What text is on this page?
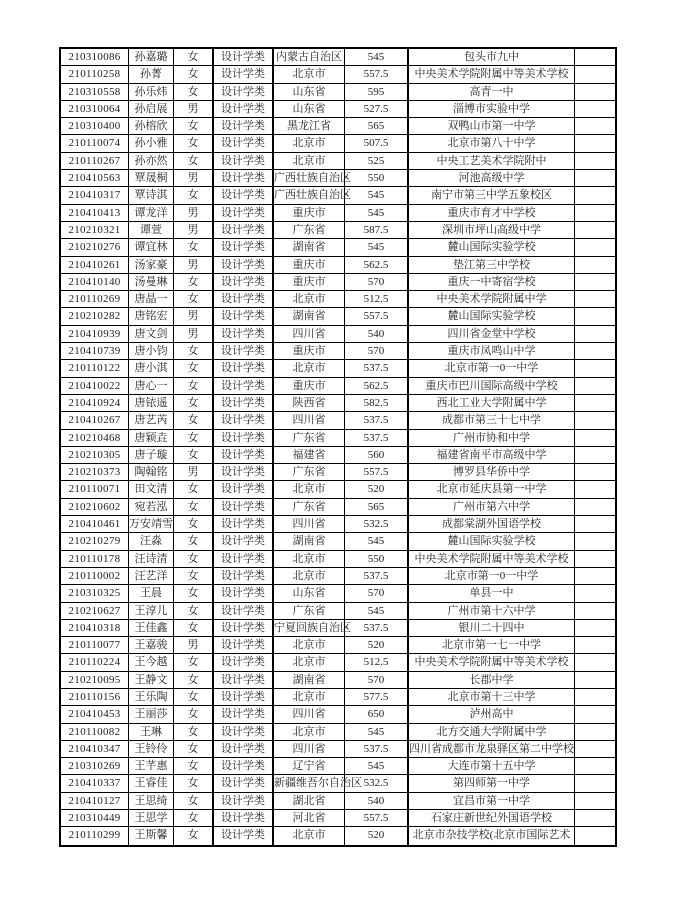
210310086	孙嘉璐	女	设计学类	内蒙古自治区	545	包头市九中
210110258	孙菁	女	设计学类	北京市	557.5	中央美术学院附属中等美术学校
210310558	孙乐炜	女	设计学类	山东省	595	高青一中
210310064	孙启展	男	设计学类	山东省	527.5	淄博市实验中学
210310400	孙榕欣	女	设计学类	黑龙江省	565	双鸭山市第一中学
210110074	孙小雅	女	设计学类	北京市	507.5	北京市第八十中学
210110267	孙亦然	女	设计学类	北京市	525	中央工艺美术学院附中
210410563	覃晟桐	男	设计学类 广西壮族自治区	550	河池高级中学
210410317	覃诗淇	女	设计学类 广西壮族自治区	545	南宁市第三中学五象校区
210410413	谭龙洋	男	设计学类	重庆市	545	重庆市育才中学校
210210321	谭萱	男	设计学类	广东省	587.5	深圳市坪山高级中学
210210276	谭宜林	女	设计学类	湖南省	545	麓山国际实验学校
210410261	汤家豪	男	设计学类	重庆市	562.5	垫江第三中学校
210410140	汤曼琳	女	设计学类	重庆市	570	重庆一中寄宿学校
210110269	唐晶一	女	设计学类	北京市	512.5	中央美术学院附属中学
210210282	唐铭宏	男	设计学类	湖南省	557.5	麓山国际实验学校
210410939	唐文剑	男	设计学类	四川省	540	四川省金堂中学校
210410739	唐小钧	女	设计学类	重庆市	570	重庆市凤鸣山中学
210110122	唐小淇	女	设计学类	北京市	537.5	北京市第一0一中学
210410022	唐心一	女	设计学类	重庆市	562.5	重庆市巴川国际高级中学校
210410924	唐铱遥	女	设计学类	陕西省	582.5	西北工业大学附属中学
210410267	唐艺芮	女	设计学类	四川省	537.5	成都市第三十七中学
210210468	唐颖垚	女	设计学类	广东省	537.5	广州市协和中学
210210305	唐子璇	女	设计学类	福建省	560	福建省南平市高级中学
210210373	陶翰铭	男	设计学类	广东省	557.5	博罗县华侨中学
210110071	田文清	女	设计学类	北京市	520	北京市延庆县第一中学
210210602	宛若泓	女	设计学类	广东省	565	广州市第六中学
210410461 万安靖雪	女	设计学类	四川省	532.5	成都棠湖外国语学校
210210279	汪淼	女	设计学类	湖南省	545	麓山国际实验学校
210110178	汪诗清	女	设计学类	北京市	550	中央美术学院附属中等美术学校
210110002	汪艺洋	女	设计学类	北京市	537.5	北京市第一0一中学
210310325	王晨	女	设计学类	山东省	570	单县一中
210210627	王淳儿	女	设计学类	广东省	545	广州市第十六中学
210410318	王佳鑫	女	设计学类 宁夏回族自治区	537.5	银川二十四中
210110077	王嘉骏	男	设计学类	北京市	520	北京市第一七一中学
210110224	王今越	女	设计学类	北京市	512.5	中央美术学院附属中等美术学校
210210095	王静文	女	设计学类	湖南省	570	长郡中学
210110156	王乐陶	女	设计学类	北京市	577.5	北京市第十三中学
210410453	王丽莎	女	设计学类	四川省	650	泸州高中
210110082	王琳	女	设计学类	北京市	545	北方交通大学附属中学
210410347	王铃伶	女	设计学类	四川省	537.5	四川省成都市龙泉驿区第二中学校
210310269	王芊惠	女	设计学类	辽宁省	545	大连市第十五中学
210410337	王睿佳	女	设计学类 新疆维吾尔自治区 532.5	第四师第一中学
210410127	王思绮	女	设计学类	湖北省	540	宜昌市第一中学
210310449	王思学	女	设计学类	河北省	557.5	石家庄新世纪外国语学校
210110299	王斯馨	女	设计学类	北京市	520	北京市杂技学校(北京市国际艺术
